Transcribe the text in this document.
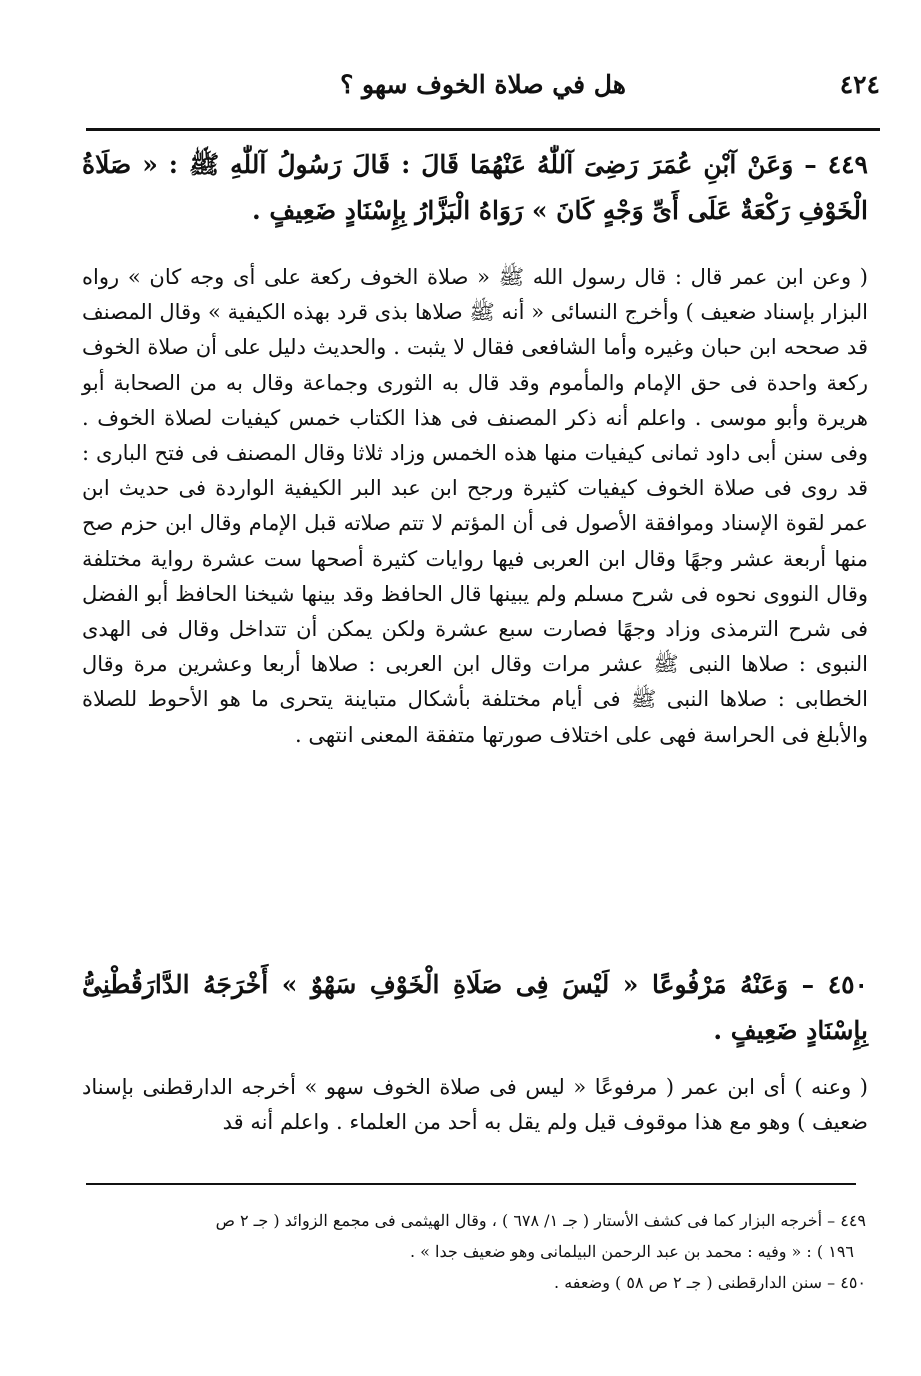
٤٢٤
هل في صلاة الخوف سهو ؟
٤٤٩ – وَعَنْ آبْنِ عُمَرَ رَضِىَ آللّٰهُ عَنْهُمَا قَالَ : قَالَ رَسُولُ آللّٰهِ ﷺ : « صَلَاةُ الْخَوْفِ رَكْعَةٌ عَلَى أَىِّ وَجْهٍ كَانَ » رَوَاهُ الْبَزَّارُ بِإِسْنَادٍ ضَعِيفٍ .
( وعن ابن عمر قال : قال رسول الله ﷺ « صلاة الخوف ركعة على أى وجه كان » رواه البزار بإسناد ضعيف ) وأخرج النسائى « أنه ﷺ صلاها بذى قرد بهذه الكيفية » وقال المصنف قد صححه ابن حبان وغيره وأما الشافعى فقال لا يثبت . والحديث دليل على أن صلاة الخوف ركعة واحدة فى حق الإمام والمأموم وقد قال به الثورى وجماعة وقال به من الصحابة أبو هريرة وأبو موسى . واعلم أنه ذكر المصنف فى هذا الكتاب خمس كيفيات لصلاة الخوف . وفى سنن أبى داود ثمانى كيفيات منها هذه الخمس وزاد ثلاثا وقال المصنف فى فتح البارى : قد روى فى صلاة الخوف كيفيات كثيرة ورجح ابن عبد البر الكيفية الواردة فى حديث ابن عمر لقوة الإسناد وموافقة الأصول فى أن المؤتم لا تتم صلاته قبل الإمام وقال ابن حزم صح منها أربعة عشر وجهًا وقال ابن العربى فيها روايات كثيرة أصحها ست عشرة رواية مختلفة وقال النووى نحوه فى شرح مسلم ولم يبينها قال الحافظ وقد بينها شيخنا الحافظ أبو الفضل فى شرح الترمذى وزاد وجهًا فصارت سبع عشرة ولكن يمكن أن تتداخل وقال فى الهدى النبوى : صلاها النبى ﷺ عشر مرات وقال ابن العربى : صلاها أربعا وعشرين مرة وقال الخطابى : صلاها النبى ﷺ فى أيام مختلفة بأشكال متباينة يتحرى ما هو الأحوط للصلاة والأبلغ فى الحراسة فهى على اختلاف صورتها متفقة المعنى انتهى .
٤٥٠ – وَعَنْهُ مَرْفُوعًا « لَيْسَ فِى صَلَاةِ الْخَوْفِ سَهْوٌ » أَخْرَجَهُ الدَّارَقُطْنِىُّ بِإِسْنَادٍ ضَعِيفٍ .
( وعنه ) أى ابن عمر ( مرفوعًا « ليس فى صلاة الخوف سهو » أخرجه الدارقطنى بإسناد ضعيف ) وهو مع هذا موقوف قيل ولم يقل به أحد من العلماء . واعلم أنه قد

٤٤٩ – أخرجه البزار كما فى كشف الأستار ( جـ ١/ ٦٧٨ ) ، وقال الهيثمى فى مجمع الزوائد ( جـ ٢ ص

١٩٦ ) : « وفيه : محمد بن عبد الرحمن البيلمانى وهو ضعيف جدا » .

٤٥٠ – سنن الدارقطنى ( جـ ٢ ص ٥٨ ) وضعفه .
